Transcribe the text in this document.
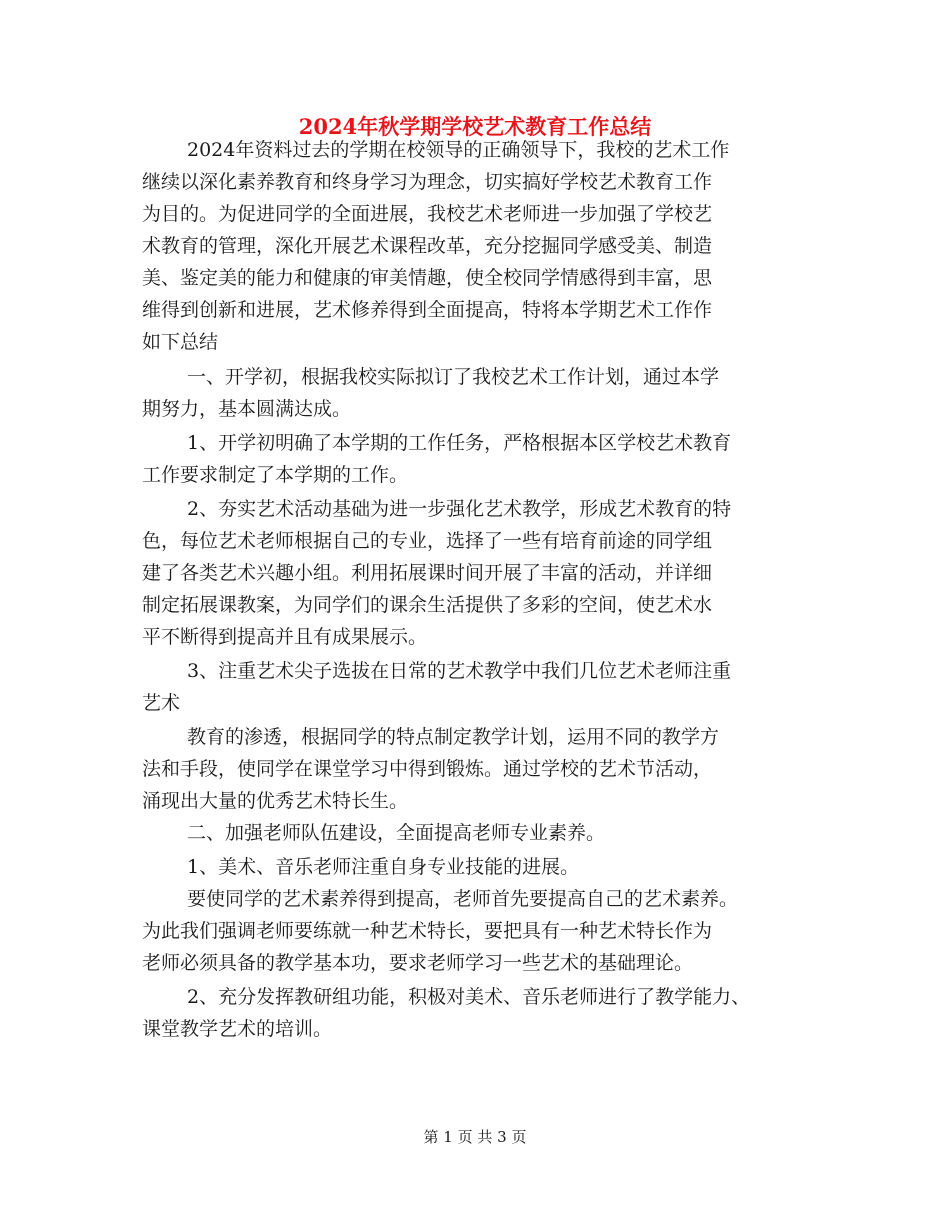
2024年秋学期学校艺术教育工作总结
2024年资料过去的学期在校领导的正确领导下，我校的艺术工作
继续以深化素养教育和终身学习为理念，切实搞好学校艺术教育工作
为目的。为促进同学的全面进展，我校艺术老师进一步加强了学校艺
术教育的管理，深化开展艺术课程改革，充分挖掘同学感受美、制造
美、鉴定美的能力和健康的审美情趣，使全校同学情感得到丰富，思
维得到创新和进展，艺术修养得到全面提高，特将本学期艺术工作作
如下总结
一、开学初，根据我校实际拟订了我校艺术工作计划，通过本学
期努力，基本圆满达成。
1、开学初明确了本学期的工作任务，严格根据本区学校艺术教育
工作要求制定了本学期的工作。
2、夯实艺术活动基础为进一步强化艺术教学，形成艺术教育的特
色，每位艺术老师根据自己的专业，选择了一些有培育前途的同学组
建了各类艺术兴趣小组。利用拓展课时间开展了丰富的活动，并详细
制定拓展课教案，为同学们的课余生活提供了多彩的空间，使艺术水
平不断得到提高并且有成果展示。
3、注重艺术尖子选拔在日常的艺术教学中我们几位艺术老师注重
艺术
教育的渗透，根据同学的特点制定教学计划，运用不同的教学方
法和手段，使同学在课堂学习中得到锻炼。通过学校的艺术节活动，
涌现出大量的优秀艺术特长生。
二、加强老师队伍建设，全面提高老师专业素养。
1、美术、音乐老师注重自身专业技能的进展。
要使同学的艺术素养得到提高，老师首先要提高自己的艺术素养。
为此我们强调老师要练就一种艺术特长，要把具有一种艺术特长作为
老师必须具备的教学基本功，要求老师学习一些艺术的基础理论。
2、充分发挥教研组功能，积极对美术、音乐老师进行了教学能力、
课堂教学艺术的培训。
第 1 页 共 3 页
